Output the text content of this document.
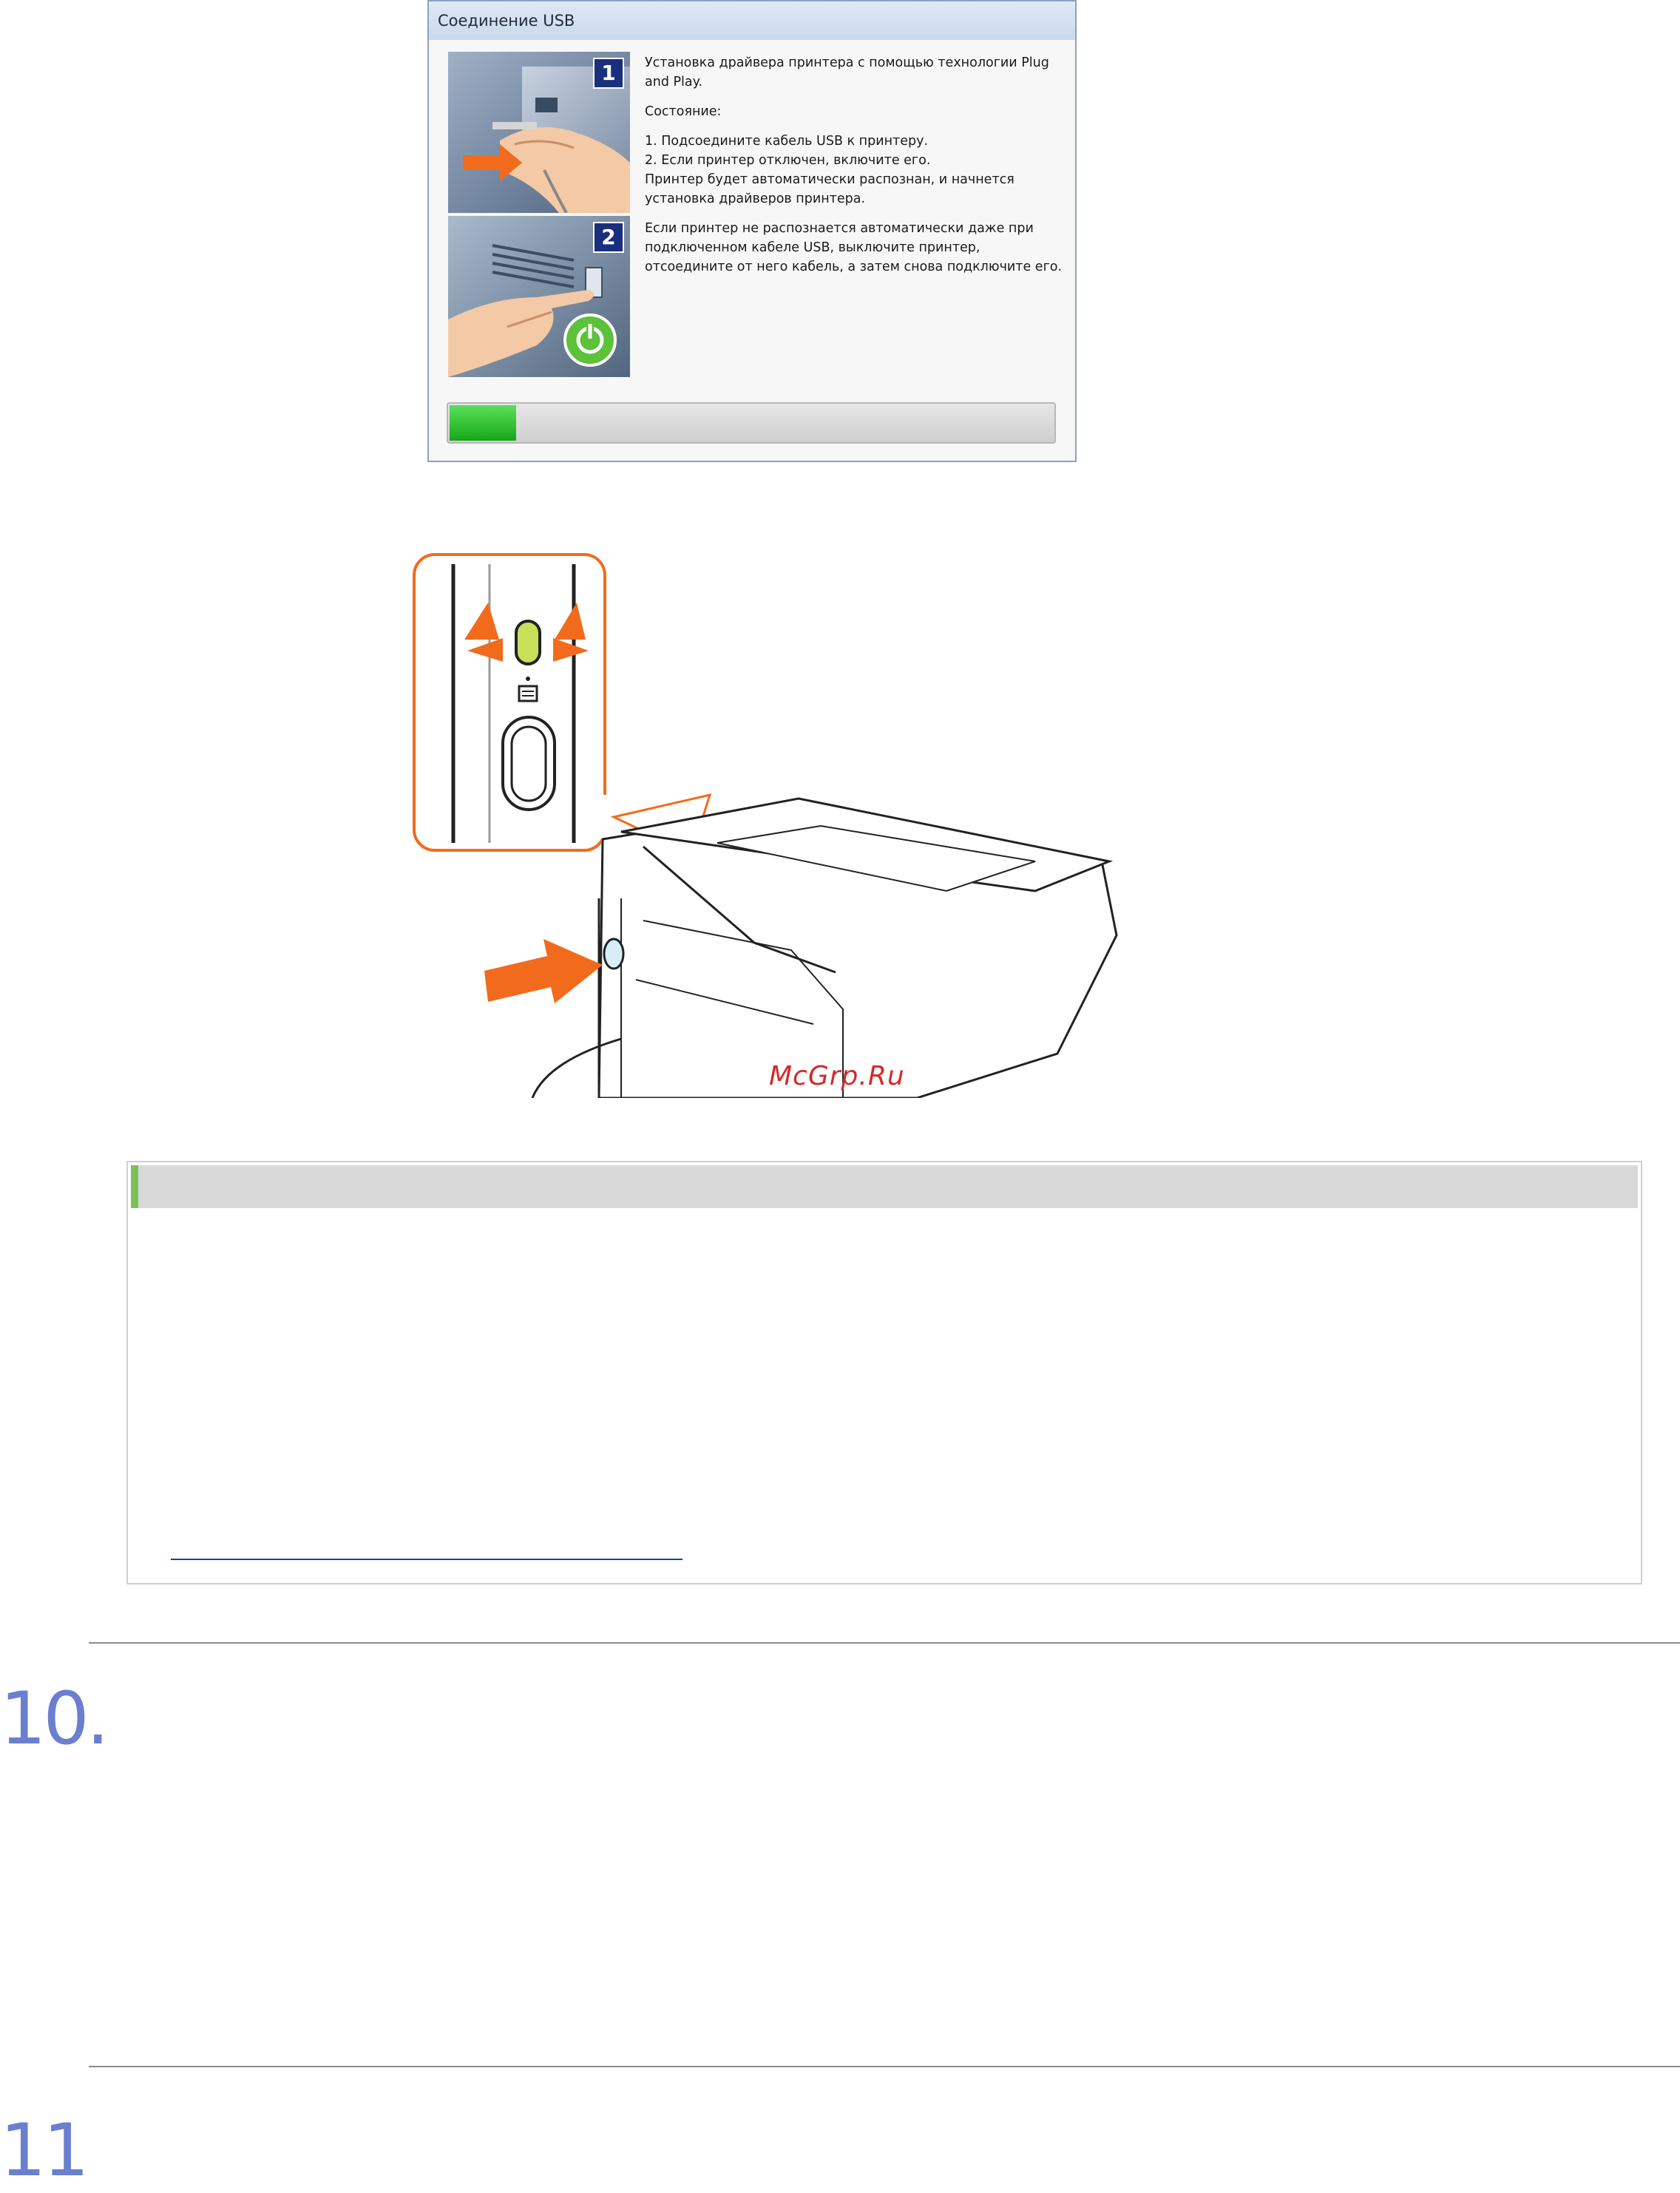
Соединение USB
1
2

Установка драйвера принтера с помощью технологии Plug and Play.

Состояние:

1. Подсоедините кабель USB к принтеру.

2. Если принтер отключен, включите его.

Принтер будет автоматически распознан, и начнется установка драйверов принтера.

Если принтер не распознается автоматически даже при подключенном кабеле USB, выключите принтер, отсоедините от него кабель, а затем снова подключите его.

McGrp.Ru
10.
11
